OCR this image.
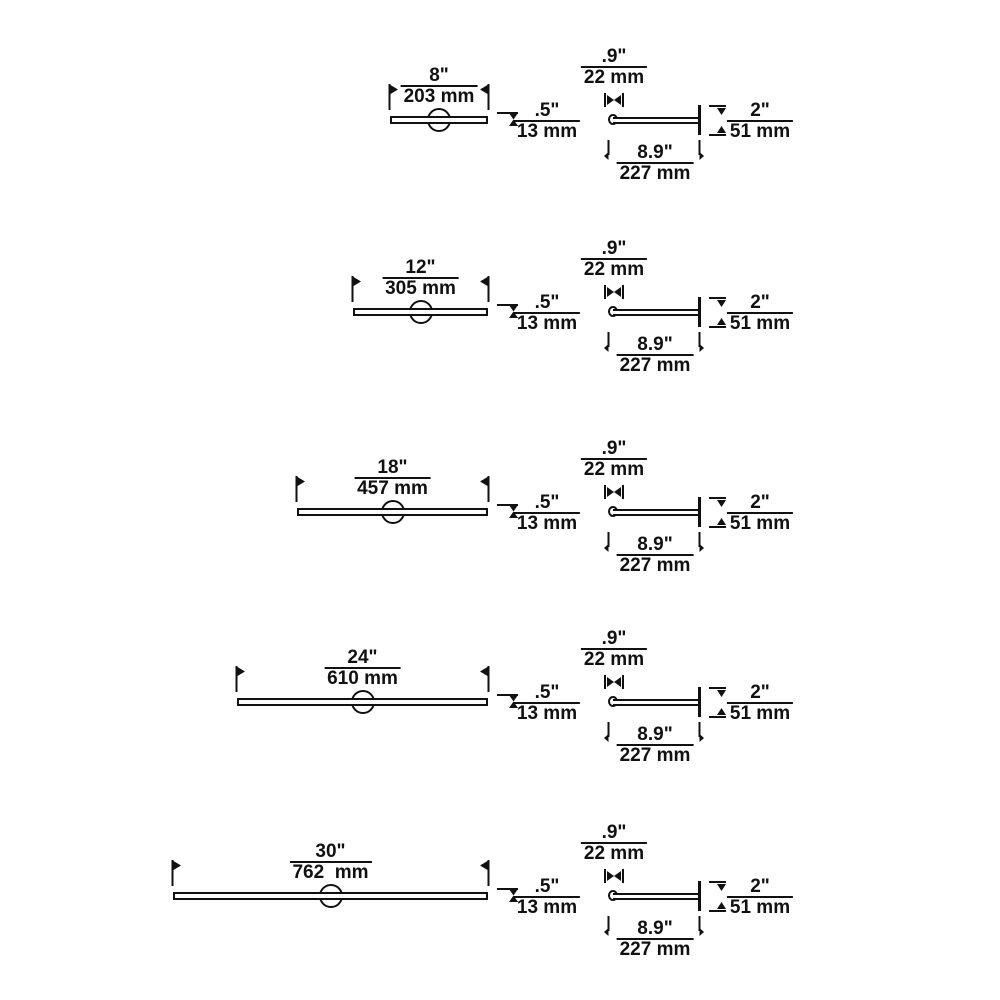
$\frac{8"}{203 mm}$
$\frac{.5"}{13 mm}$
$\frac{.9"}{22 mm}$
$\frac{2"}{51 mm}$
$\frac{8.9"}{227 mm}$
$\frac{12"}{305 mm}$
$\frac{.5"}{13 mm}$
$\frac{.9"}{22 mm}$
$\frac{2"}{51 mm}$
$\frac{8.9"}{227 mm}$
$\frac{18"}{457 mm}$
$\frac{.5"}{13 mm}$
$\frac{.9"}{22 mm}$
$\frac{2"}{51 mm}$
$\frac{8.9"}{227 mm}$
$\frac{24"}{610 mm}$
$\frac{.5"}{13 mm}$
$\frac{.9"}{22 mm}$
$\frac{2"}{51 mm}$
$\frac{8.9"}{227 mm}$
$\frac{30"}{762 mm}$
$\frac{.5"}{13 mm}$
$\frac{.9"}{22 mm}$
$\frac{2"}{51 mm}$
$\frac{8.9"}{227 mm}$
